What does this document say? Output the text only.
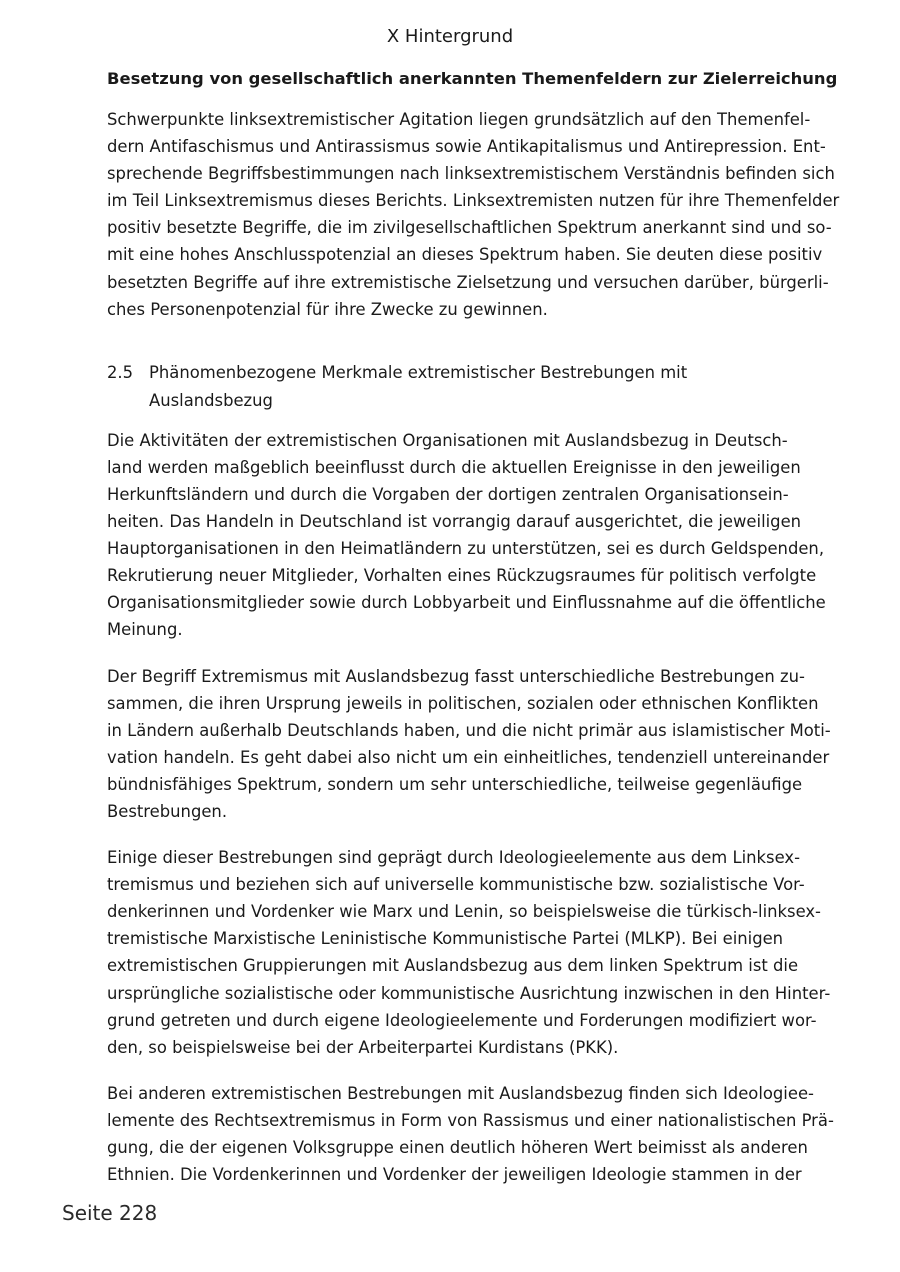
X Hintergrund
Besetzung von gesellschaftlich anerkannten Themenfeldern zur Zielerreichung
Schwerpunkte linksextremistischer Agitation liegen grundsätzlich auf den Themenfel-
dern Antifaschismus und Antirassismus sowie Antikapitalismus und Antirepression. Ent-
sprechende Begriffsbestimmungen nach linksextremistischem Verständnis befinden sich
im Teil Linksextremismus dieses Berichts. Linksextremisten nutzen für ihre Themenfelder
positiv besetzte Begriffe, die im zivilgesellschaftlichen Spektrum anerkannt sind und so-
mit eine hohes Anschlusspotenzial an dieses Spektrum haben. Sie deuten diese positiv
besetzten Begriffe auf ihre extremistische Zielsetzung und versuchen darüber, bürgerli-
ches Personenpotenzial für ihre Zwecke zu gewinnen.
2.5 Phänomenbezogene Merkmale extremistischer Bestrebungen mit
Auslandsbezug
Die Aktivitäten der extremistischen Organisationen mit Auslandsbezug in Deutsch-
land werden maßgeblich beeinflusst durch die aktuellen Ereignisse in den jeweiligen
Herkunftsländern und durch die Vorgaben der dortigen zentralen Organisationsein-
heiten. Das Handeln in Deutschland ist vorrangig darauf ausgerichtet, die jeweiligen
Hauptorganisationen in den Heimatländern zu unterstützen, sei es durch Geldspenden,
Rekrutierung neuer Mitglieder, Vorhalten eines Rückzugsraumes für politisch verfolgte
Organisationsmitglieder sowie durch Lobbyarbeit und Einflussnahme auf die öffentliche
Meinung.
Der Begriff Extremismus mit Auslandsbezug fasst unterschiedliche Bestrebungen zu-
sammen, die ihren Ursprung jeweils in politischen, sozialen oder ethnischen Konflikten
in Ländern außerhalb Deutschlands haben, und die nicht primär aus islamistischer Moti-
vation handeln. Es geht dabei also nicht um ein einheitliches, tendenziell untereinander
bündnisfähiges Spektrum, sondern um sehr unterschiedliche, teilweise gegenläufige
Bestrebungen.
Einige dieser Bestrebungen sind geprägt durch Ideologieelemente aus dem Linksex-
tremismus und beziehen sich auf universelle kommunistische bzw. sozialistische Vor-
denkerinnen und Vordenker wie Marx und Lenin, so beispielsweise die türkisch-linksex-
tremistische Marxistische Leninistische Kommunistische Partei (MLKP). Bei einigen
extremistischen Gruppierungen mit Auslandsbezug aus dem linken Spektrum ist die
ursprüngliche sozialistische oder kommunistische Ausrichtung inzwischen in den Hinter-
grund getreten und durch eigene Ideologieelemente und Forderungen modifiziert wor-
den, so beispielsweise bei der Arbeiterpartei Kurdistans (PKK).
Bei anderen extremistischen Bestrebungen mit Auslandsbezug finden sich Ideologiee-
lemente des Rechtsextremismus in Form von Rassismus und einer nationalistischen Prä-
gung, die der eigenen Volksgruppe einen deutlich höheren Wert beimisst als anderen
Ethnien. Die Vordenkerinnen und Vordenker der jeweiligen Ideologie stammen in der
Seite 228
